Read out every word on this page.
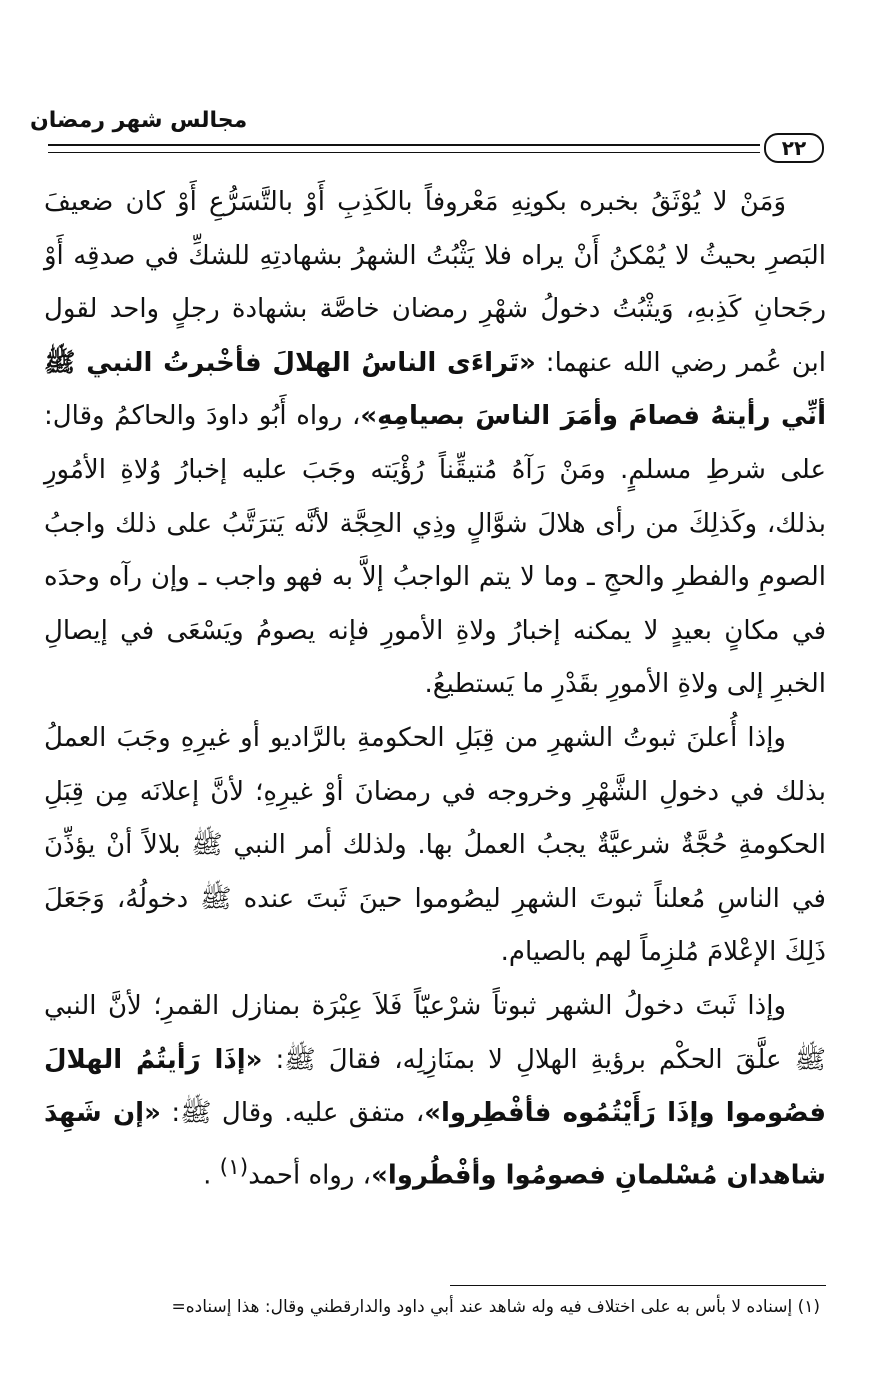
مجالس شهر رمضان
٢٢

وَمَنْ لا يُوْثَقُ بخبره بكونِهِ مَعْروفاً بالكَذِبِ أَوْ بالتَّسَرُّعِ أَوْ كان ضعيفَ البَصرِ بحيثُ لا يُمْكنُ أَنْ يراه فلا يَثْبُتُ الشهرُ بشهادتِهِ للشكِّ في صدقِه أَوْ رجَحانِ كَذِبهِ، وَيثْبُتُ دخولُ شهْرِ رمضان خاصَّة بشهادة رجلٍ واحد لقول ابن عُمر رضي الله عنهما: «تَراءَى الناسُ الهلالَ فأخْبرتُ النبي ﷺ أنِّي رأيتهُ فصامَ وأمَرَ الناسَ بصيامِهِ»، رواه أَبُو داودَ والحاكمُ وقال: على شرطِ مسلمٍ. ومَنْ رَآهُ مُتيقِّناً رُؤْيَته وجَبَ عليه إخبارُ وُلاةِ الأمُورِ بذلك، وكَذلِكَ من رأى هلالَ شوَّالٍ وذِي الحِجَّة لأنَّه يَترَتَّبُ على ذلك واجبُ الصومِ والفطرِ والحجِ ـ وما لا يتم الواجبُ إلاَّ به فهو واجب ـ وإن رآه وحدَه في مكانٍ بعيدٍ لا يمكنه إخبارُ ولاةِ الأمورِ فإنه يصومُ ويَسْعَى في إيصالِ الخبرِ إلى ولاةِ الأمورِ بقَدْرِ ما يَستطيعُ.

وإذا أُعلنَ ثبوتُ الشهرِ من قِبَلِ الحكومةِ بالرَّاديو أو غيرِهِ وجَبَ العملُ بذلك في دخولِ الشَّهْرِ وخروجه في رمضانَ أوْ غيرِهِ؛ لأنَّ إعلانَه مِن قِبَلِ الحكومةِ حُجَّةٌ شرعيَّةٌ يجبُ العملُ بها. ولذلك أمر النبي ﷺ بلالاً أنْ يؤذِّنَ في الناسِ مُعلناً ثبوتَ الشهرِ ليصُوموا حينَ ثَبتَ عنده ﷺ دخولُهُ، وَجَعَلَ ذَلِكَ الإعْلامَ مُلزِماً لهم بالصيام.

وإذا ثَبتَ دخولُ الشهر ثبوتاً شرْعيّاً فَلاَ عِبْرَة بمنازل القمرِ؛ لأنَّ النبي ﷺ علَّقَ الحكْم برؤيةِ الهلالِ لا بمنَازِلِه، فقالَ ﷺ: «إذَا رَأيتُمُ الهلالَ فصُوموا وإذَا رَأَيْتُمُوه فأفْطِروا»، متفق عليه. وقال ﷺ: «إن شَهِدَ شاهدان مُسْلمانِ فصومُوا وأفْطُروا»، رواه أحمد$^{(١)}$ .

(١) إسناده لا بأس به على اختلاف فيه وله شاهد عند أبي داود والدارقطني وقال: هذا إسناده=
